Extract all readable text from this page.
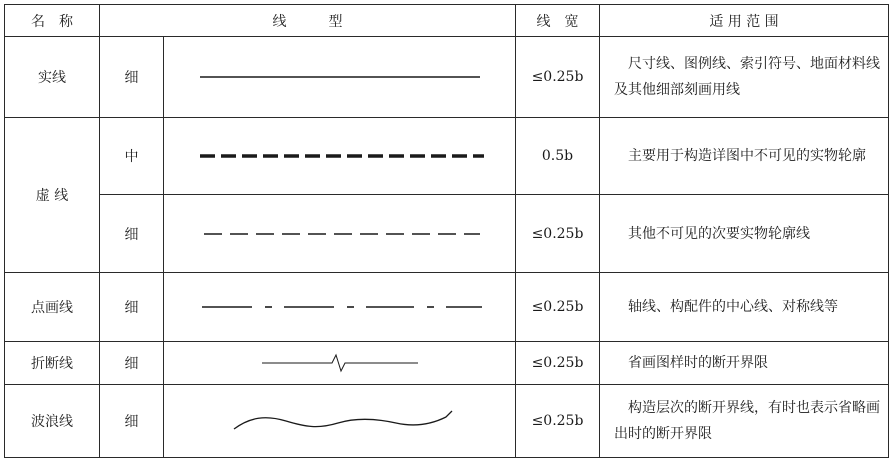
名　称	线　　　型		线　宽	适 用 范 围
实线	细		≤0.25b	尺寸线、图例线、索引符号、地面材料线及其他细部刻画用线
虚 线	中		0.5b	主要用于构造详图中不可见的实物轮廓
	细		≤0.25b	其他不可见的次要实物轮廓线
点画线	细		≤0.25b	轴线、构配件的中心线、对称线等
折断线	细		≤0.25b	省画图样时的断开界限
波浪线	细		≤0.25b	构造层次的断开界线，有时也表示省略画出时的断开界限
